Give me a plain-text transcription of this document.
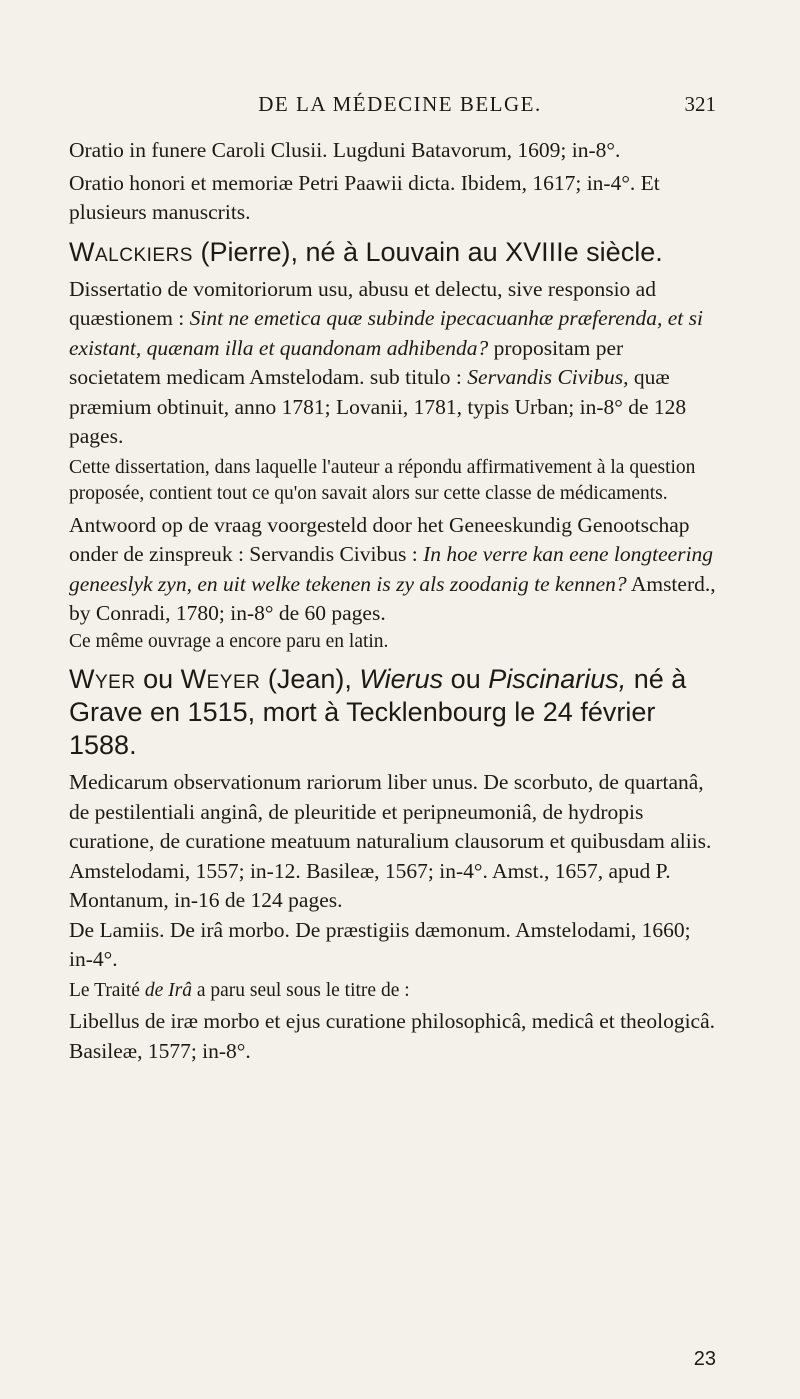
DE LA MÉDECINE BELGE.	321

Oratio in funere Caroli Clusii. Lugduni Batavorum, 1609; in-8°.

Oratio honori et memoriæ Petri Paawii dicta. Ibidem, 1617; in-4°. Et plusieurs manuscrits.

Walckiers (Pierre), né à Louvain au XVIIIe siècle.

Dissertatio de vomitoriorum usu, abusu et delectu, sive responsio ad quæstionem : Sint ne emetica quæ subinde ipecacuanhæ præferenda, et si existant, quænam illa et quandonam adhibenda? propositam per societatem medicam Amstelodam. sub titulo : Servandis Civibus, quæ præmium obtinuit, anno 1781; Lovanii, 1781, typis Urban; in-8° de 128 pages.

Cette dissertation, dans laquelle l'auteur a répondu affirmativement à la question proposée, contient tout ce qu'on savait alors sur cette classe de médicaments.

Antwoord op de vraag voorgesteld door het Geneeskundig Genootschap onder de zinspreuk : Servandis Civibus : In hoe verre kan eene longteering geneeslyk zyn, en uit welke tekenen is zy als zoodanig te kennen? Amsterd., by Conradi, 1780; in-8° de 60 pages.

Ce même ouvrage a encore paru en latin.

Wyer ou Weyer (Jean), Wierus ou Piscinarius, né à Grave en 1515, mort à Tecklenbourg le 24 février 1588.

Medicarum observationum rariorum liber unus. De scorbuto, de quartanâ, de pestilentiali anginâ, de pleuritide et peripneumoniâ, de hydropis curatione, de curatione meatuum naturalium clausorum et quibusdam aliis. Amstelodami, 1557; in-12. Basileæ, 1567; in-4°. Amst., 1657, apud P. Montanum, in-16 de 124 pages.

De Lamiis. De irâ morbo. De præstigiis dæmonum. Amstelodami, 1660; in-4°.

Le Traité de Irâ a paru seul sous le titre de :

Libellus de iræ morbo et ejus curatione philosophicâ, medicâ et theologicâ. Basileæ, 1577; in-8°.

23
